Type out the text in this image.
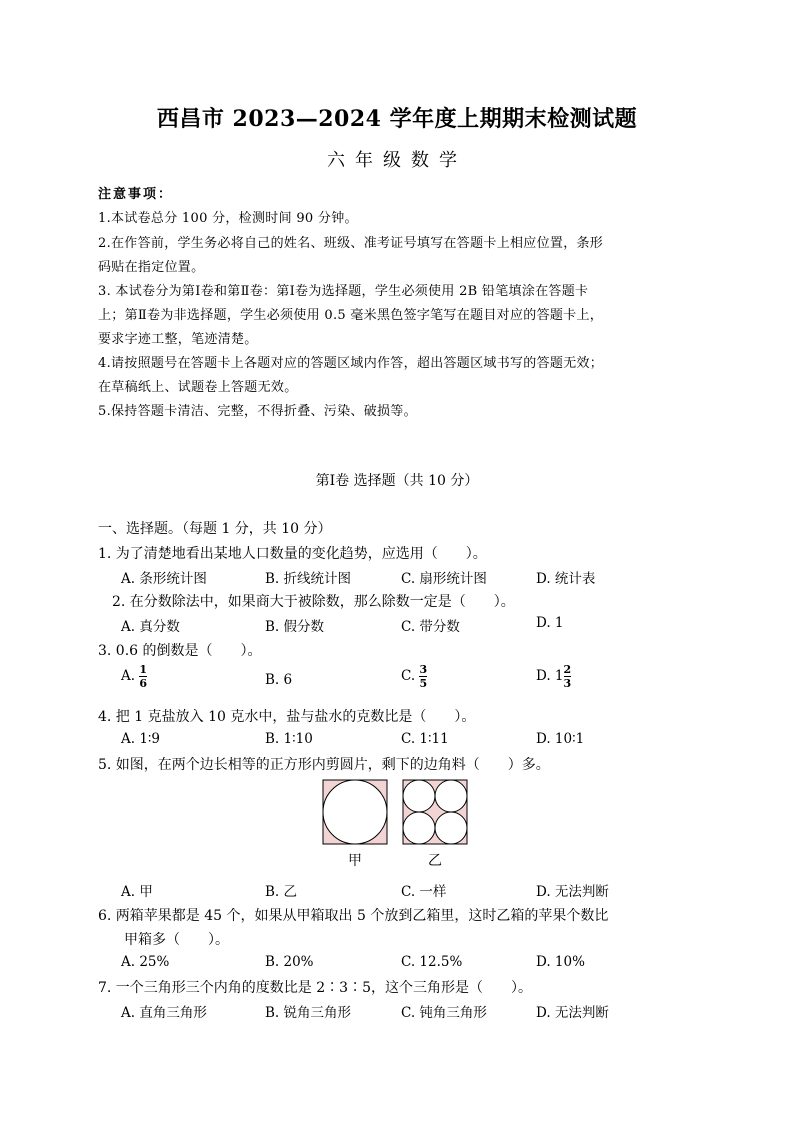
西昌市 2023—2024 学年度上期期末检测试题
六年级数学
注意事项：
1.本试卷总分 100 分，检测时间 90 分钟。
2.在作答前，学生务必将自己的姓名、班级、准考证号填写在答题卡上相应位置，条形
码贴在指定位置。
3. 本试卷分为第Ⅰ卷和第Ⅱ卷：第Ⅰ卷为选择题，学生必须使用 2B 铅笔填涂在答题卡
上；第Ⅱ卷为非选择题，学生必须使用 0.5 毫米黑色签字笔写在题目对应的答题卡上，
要求字迹工整，笔迹清楚。
4.请按照题号在答题卡上各题对应的答题区域内作答，超出答题区域书写的答题无效；
在草稿纸上、试题卷上答题无效。
5.保持答题卡清洁、完整，不得折叠、污染、破损等。
第Ⅰ卷 选择题（共 10 分）
一、选择题。（每题 1 分，共 10 分）
1. 为了清楚地看出某地人口数量的变化趋势，应选用（　　）。
A. 条形统计图	B. 折线统计图	C. 扇形统计图	D. 统计表
2. 在分数除法中，如果商大于被除数，那么除数一定是（　　）。
A. 真分数	B. 假分数	C. 带分数	D. 1
3. 0.6 的倒数是（　　）。
A. $\frac{1}{6}$	B. 6	C. $\frac{3}{5}$	D. $1 \frac{2}{3}$
4. 把 1 克盐放入 10 克水中，盐与盐水的克数比是（　　）。
A. 1∶9	B. 1∶10	C. 1∶11	D. 10∶1
5. 如图，在两个边长相等的正方形内剪圆片，剩下的边角料（　　）多。
甲	乙
A. 甲	B. 乙	C. 一样	D. 无法判断
6. 两箱苹果都是 45 个，如果从甲箱取出 5 个放到乙箱里，这时乙箱的苹果个数比
甲箱多（　　）。
A. 25%	B. 20%	C. 12.5%	D. 10%
7. 一个三角形三个内角的度数比是 2∶3∶5，这个三角形是（　　）。
A. 直角三角形	B. 锐角三角形	C. 钝角三角形	D. 无法判断
